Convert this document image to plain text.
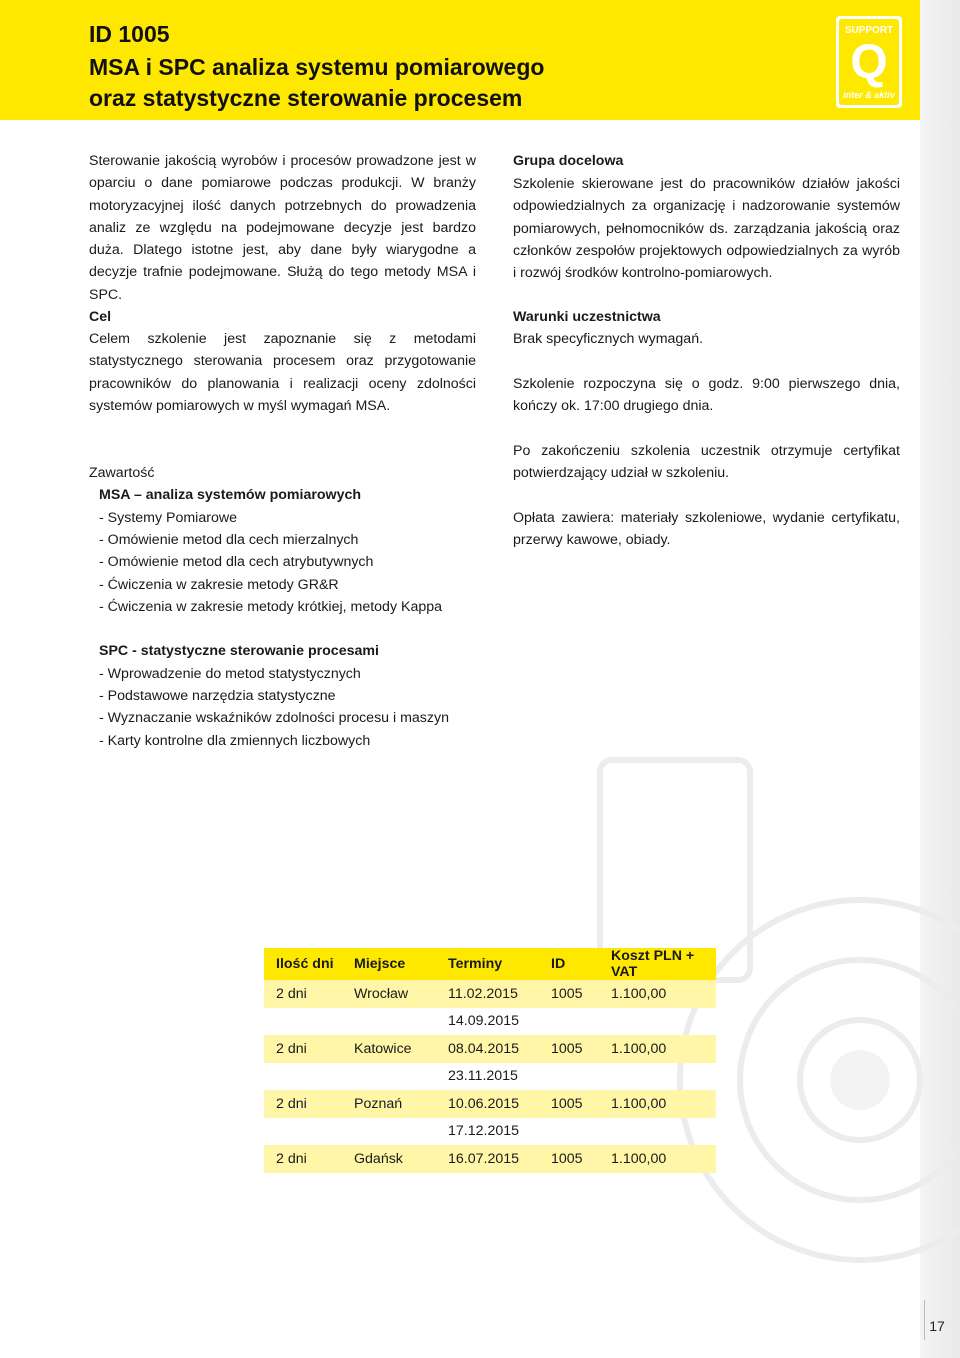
ID 1005
MSA i SPC analiza systemu pomiarowego
oraz statystyczne sterowanie procesem
SUPPORT
Q
inter & aktiv
Sterowanie jakością wyrobów i procesów prowadzone jest w oparciu o dane pomiarowe podczas produkcji. W branży motoryzacyjnej ilość danych potrzebnych do prowadzenia analiz ze względu na podejmowane decyzje jest bardzo duża. Dlatego istotne jest, aby dane były wiarygodne a decyzje trafnie podejmowane. Służą do tego metody MSA i SPC.
Cel
Celem szkolenie jest zapoznanie się z metodami statystycznego sterowania procesem oraz przygotowanie pracowników do planowania i realizacji oceny zdolności systemów pomiarowych w myśl wymagań MSA.
Zawartość
MSA – analiza systemów pomiarowych
- Systemy Pomiarowe
- Omówienie metod dla cech mierzalnych
- Omówienie metod dla cech atrybutywnych
- Ćwiczenia w zakresie metody GR&R
- Ćwiczenia w zakresie metody krótkiej, metody Kappa
SPC - statystyczne sterowanie procesami
- Wprowadzenie do metod statystycznych
- Podstawowe narzędzia statystyczne
- Wyznaczanie wskaźników zdolności procesu i maszyn
- Karty kontrolne dla zmiennych liczbowych
Grupa docelowa
Szkolenie skierowane jest do pracowników działów jakości odpowiedzialnych za organizację i nadzorowanie systemów pomiarowych, pełnomocników ds. zarządzania jakością oraz członków zespołów projektowych odpowiedzialnych za wyrób i rozwój środków kontrolno-pomiarowych.
Warunki uczestnictwa
Brak specyficznych wymagań.
Szkolenie rozpoczyna się o godz. 9:00 pierwszego dnia, kończy ok. 17:00 drugiego dnia.
Po zakończeniu szkolenia uczestnik otrzymuje certyfikat potwierdzający udział w szkoleniu.
Opłata zawiera: materiały szkoleniowe, wydanie certyfikatu, przerwy kawowe, obiady.
Ilość dni	Miejsce	Terminy	ID	Koszt PLN + VAT
2 dni	Wrocław	11.02.2015	1005	1.100,00
		14.09.2015		
2 dni	Katowice	08.04.2015	1005	1.100,00
		23.11.2015		
2 dni	Poznań	10.06.2015	1005	1.100,00
		17.12.2015		
2 dni	Gdańsk	16.07.2015	1005	1.100,00
17
